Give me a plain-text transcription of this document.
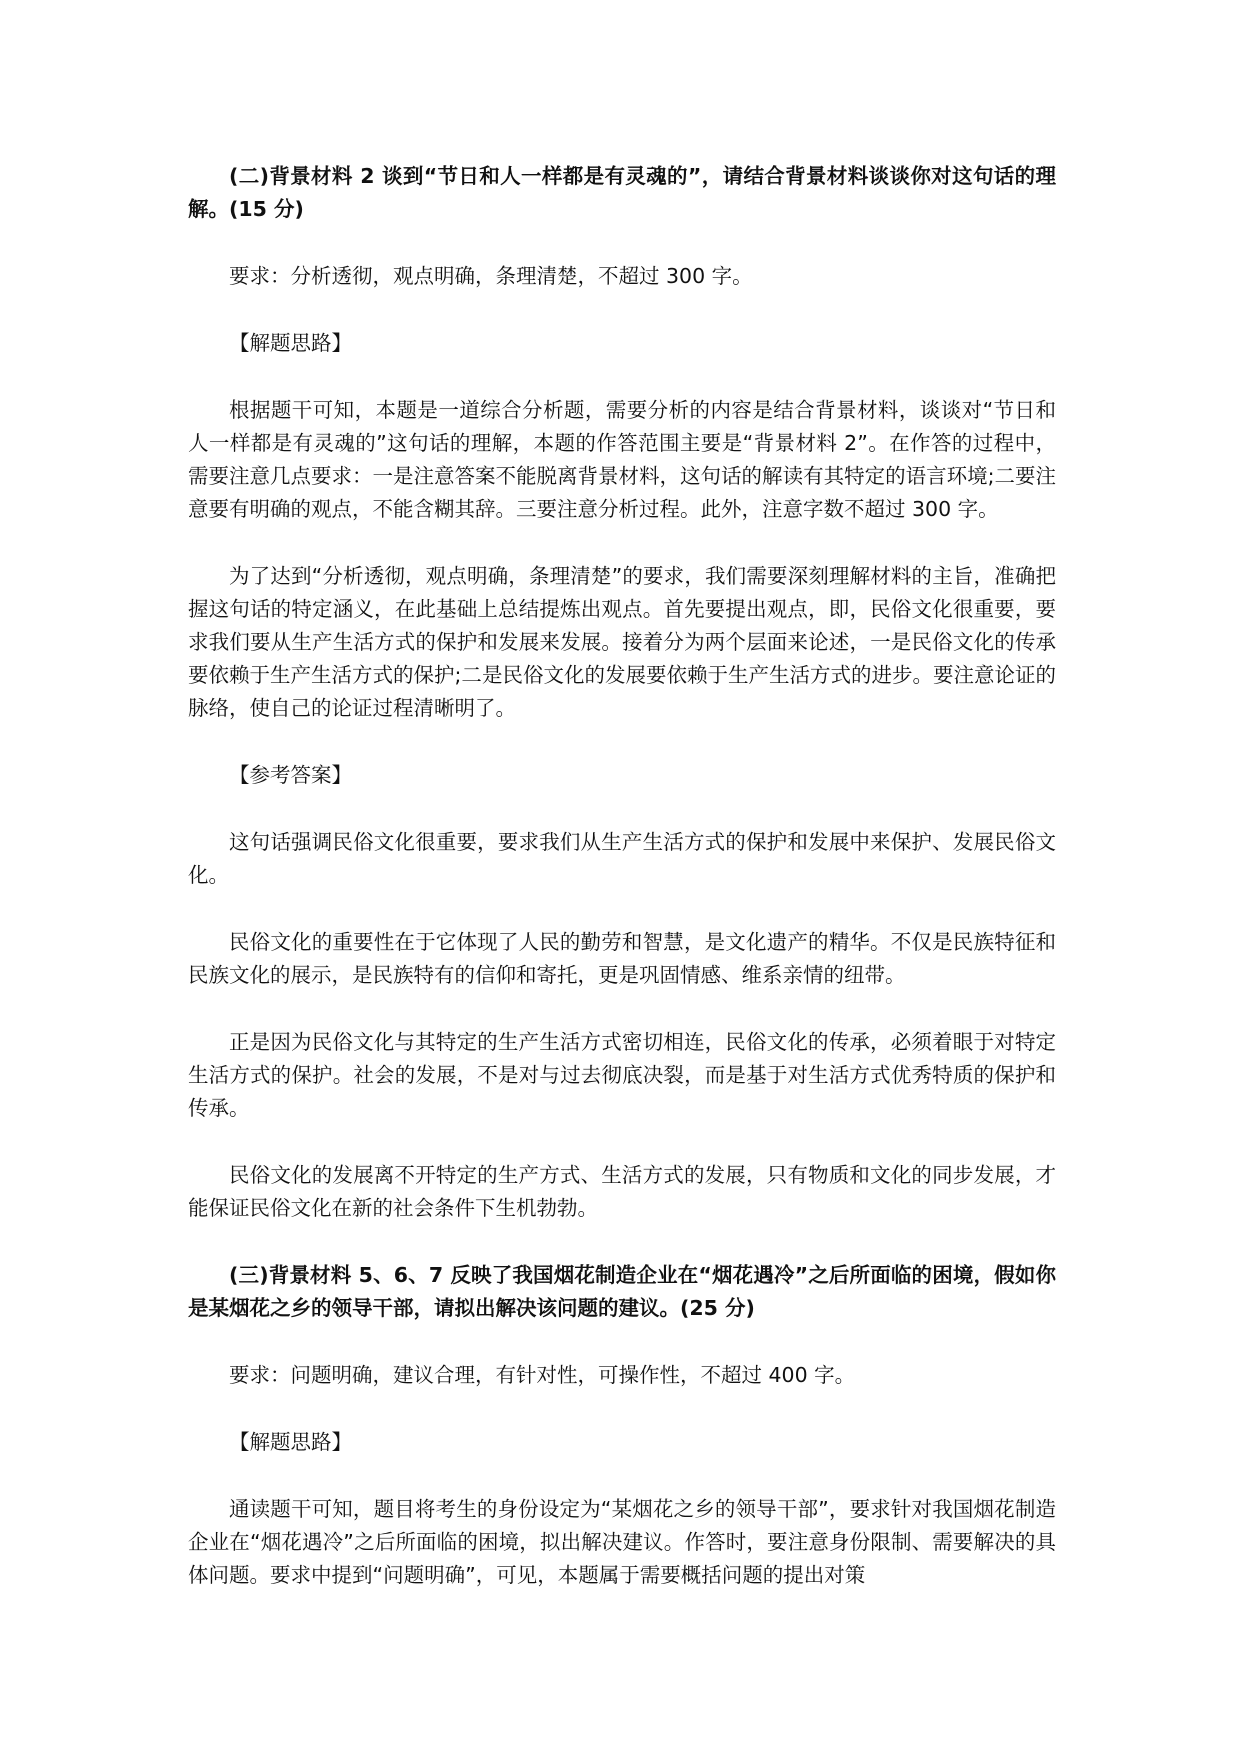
(二)背景材料 2 谈到“节日和人一样都是有灵魂的”，请结合背景材料谈谈你对这句话的理解。(15 分)

要求：分析透彻，观点明确，条理清楚，不超过 300 字。

【解题思路】

根据题干可知，本题是一道综合分析题，需要分析的内容是结合背景材料，谈谈对“节日和人一样都是有灵魂的”这句话的理解，本题的作答范围主要是“背景材料 2”。在作答的过程中，需要注意几点要求：一是注意答案不能脱离背景材料，这句话的解读有其特定的语言环境;二要注意要有明确的观点，不能含糊其辞。三要注意分析过程。此外，注意字数不超过 300 字。

为了达到“分析透彻，观点明确，条理清楚”的要求，我们需要深刻理解材料的主旨，准确把握这句话的特定涵义，在此基础上总结提炼出观点。首先要提出观点，即，民俗文化很重要，要求我们要从生产生活方式的保护和发展来发展。接着分为两个层面来论述，一是民俗文化的传承要依赖于生产生活方式的保护;二是民俗文化的发展要依赖于生产生活方式的进步。要注意论证的脉络，使自己的论证过程清晰明了。

【参考答案】

这句话强调民俗文化很重要，要求我们从生产生活方式的保护和发展中来保护、发展民俗文化。

民俗文化的重要性在于它体现了人民的勤劳和智慧，是文化遗产的精华。不仅是民族特征和民族文化的展示，是民族特有的信仰和寄托，更是巩固情感、维系亲情的纽带。

正是因为民俗文化与其特定的生产生活方式密切相连，民俗文化的传承，必须着眼于对特定生活方式的保护。社会的发展，不是对与过去彻底决裂，而是基于对生活方式优秀特质的保护和传承。

民俗文化的发展离不开特定的生产方式、生活方式的发展，只有物质和文化的同步发展，才能保证民俗文化在新的社会条件下生机勃勃。

(三)背景材料 5、6、7 反映了我国烟花制造企业在“烟花遇冷”之后所面临的困境，假如你是某烟花之乡的领导干部，请拟出解决该问题的建议。(25 分)

要求：问题明确，建议合理，有针对性，可操作性，不超过 400 字。

【解题思路】

通读题干可知，题目将考生的身份设定为“某烟花之乡的领导干部”，要求针对我国烟花制造企业在“烟花遇冷”之后所面临的困境，拟出解决建议。作答时，要注意身份限制、需要解决的具体问题。要求中提到“问题明确”，可见，本题属于需要概括问题的提出对策
